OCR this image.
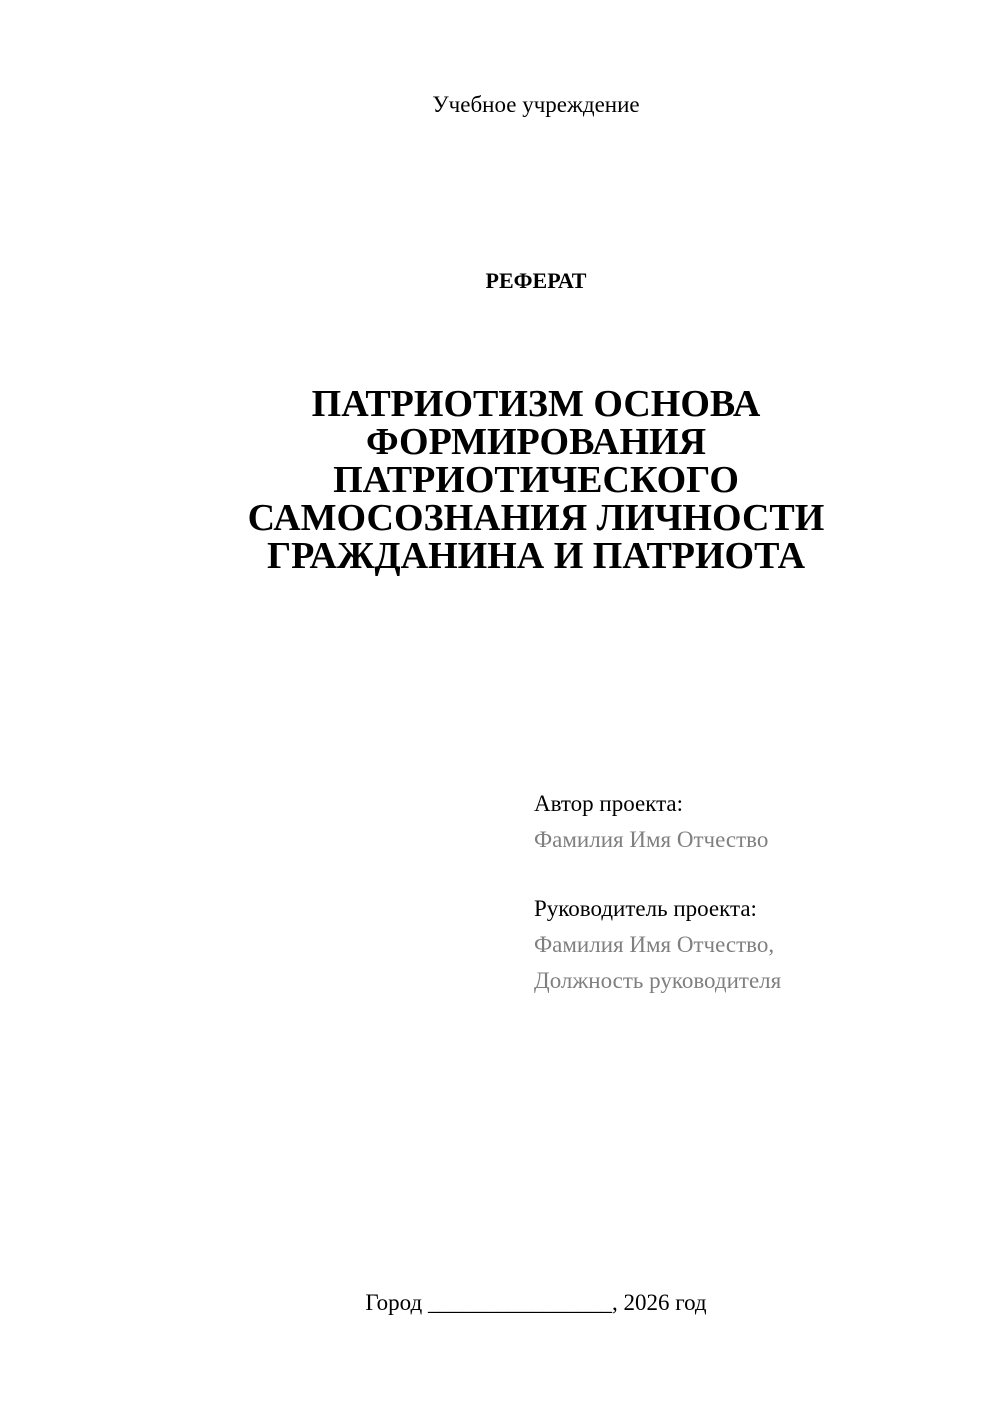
Учебное учреждение
РЕФЕРАТ
ПАТРИОТИЗМ ОСНОВА
ФОРМИРОВАНИЯ
ПАТРИОТИЧЕСКОГО
САМОСОЗНАНИЯ ЛИЧНОСТИ
ГРАЖДАНИНА И ПАТРИОТА
Автор проекта:
Фамилия Имя Отчество
Руководитель проекта:
Фамилия Имя Отчество,
Должность руководителя
Город ________________, 2026 год
